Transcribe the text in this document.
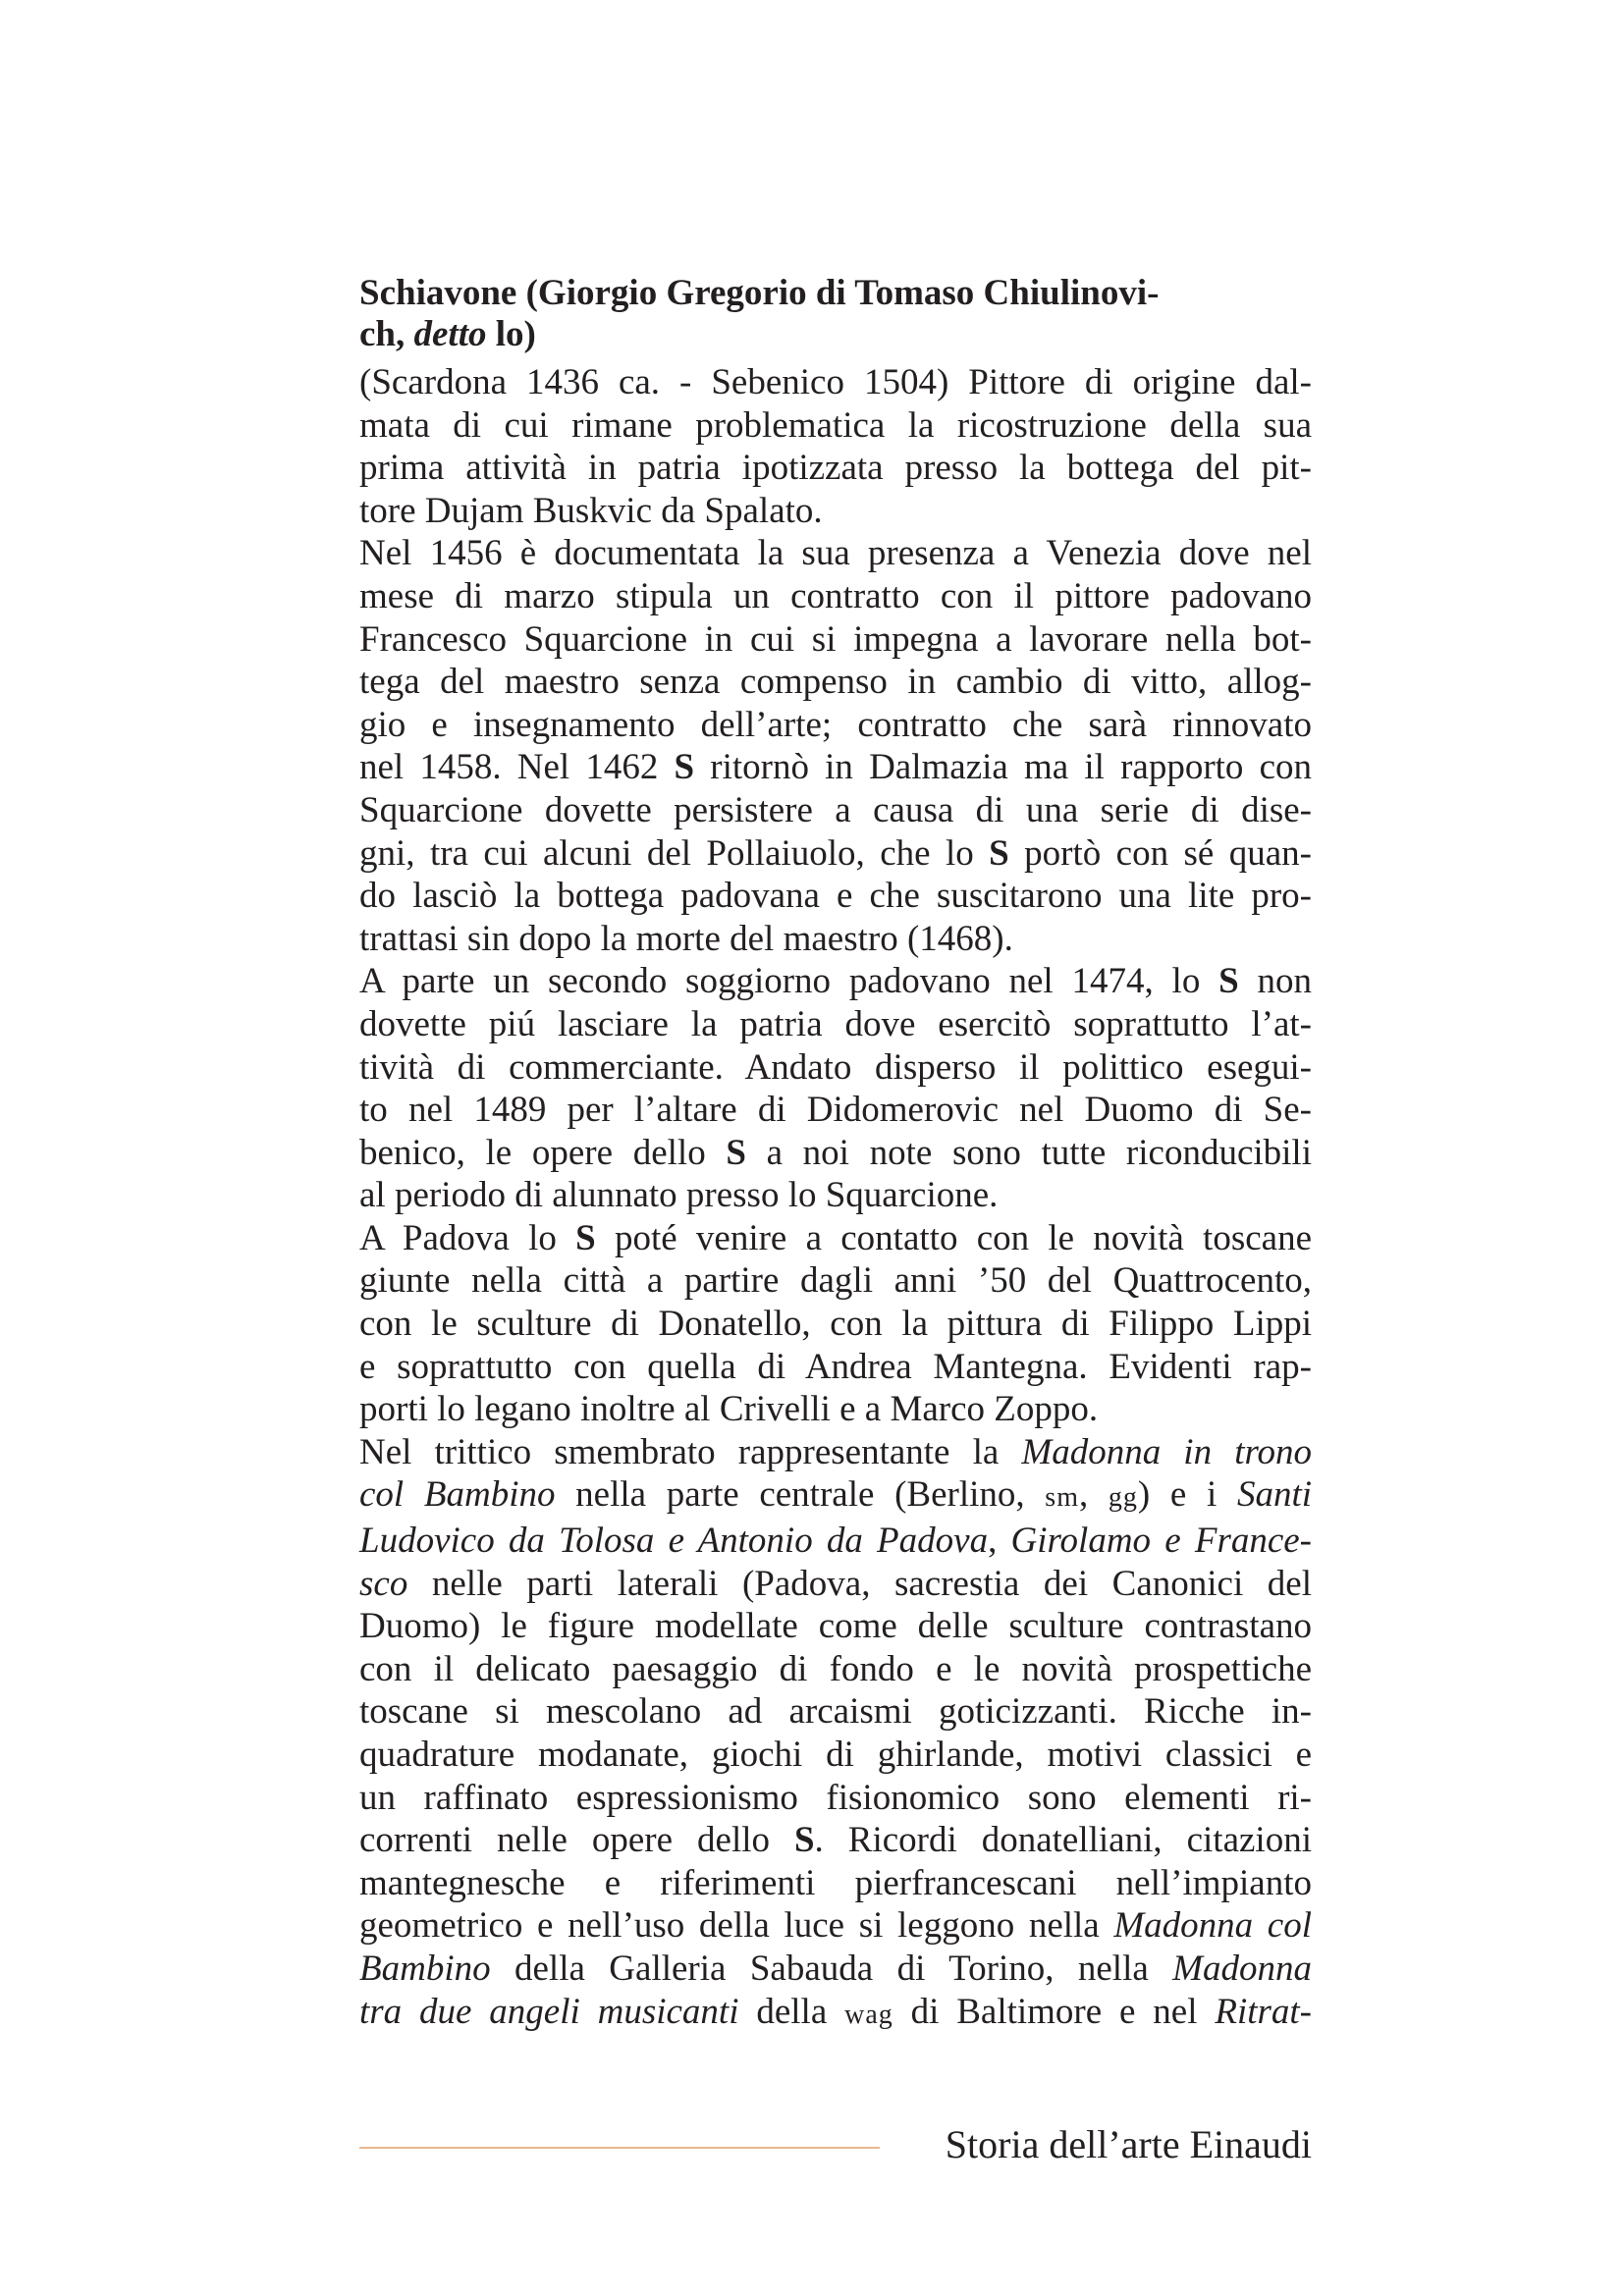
Schiavone (Giorgio Gregorio di Tomaso Chiulinovi-
ch, detto lo)
(Scardona 1436 ca. - Sebenico 1504) Pittore di origine dal-
mata di cui rimane problematica la ricostruzione della sua
prima attività in patria ipotizzata presso la bottega del pit-
tore Dujam Buskvic da Spalato.
Nel 1456 è documentata la sua presenza a Venezia dove nel
mese di marzo stipula un contratto con il pittore padovano
Francesco Squarcione in cui si impegna a lavorare nella bot-
tega del maestro senza compenso in cambio di vitto, allog-
gio e insegnamento dell’arte; contratto che sarà rinnovato
nel 1458. Nel 1462 S ritornò in Dalmazia ma il rapporto con
Squarcione dovette persistere a causa di una serie di dise-
gni, tra cui alcuni del Pollaiuolo, che lo S portò con sé quan-
do lasciò la bottega padovana e che suscitarono una lite pro-
trattasi sin dopo la morte del maestro (1468).
A parte un secondo soggiorno padovano nel 1474, lo S non
dovette piú lasciare la patria dove esercitò soprattutto l’at-
tività di commerciante. Andato disperso il polittico esegui-
to nel 1489 per l’altare di Didomerovic nel Duomo di Se-
benico, le opere dello S a noi note sono tutte riconducibili
al periodo di alunnato presso lo Squarcione.
A Padova lo S poté venire a contatto con le novità toscane
giunte nella città a partire dagli anni ’50 del Quattrocento,
con le sculture di Donatello, con la pittura di Filippo Lippi
e soprattutto con quella di Andrea Mantegna. Evidenti rap-
porti lo legano inoltre al Crivelli e a Marco Zoppo.
Nel trittico smembrato rappresentante la Madonna in trono
col Bambino nella parte centrale (Berlino, sm, gg) e i Santi
Ludovico da Tolosa e Antonio da Padova, Girolamo e France-
sco nelle parti laterali (Padova, sacrestia dei Canonici del
Duomo) le figure modellate come delle sculture contrastano
con il delicato paesaggio di fondo e le novità prospettiche
toscane si mescolano ad arcaismi goticizzanti. Ricche in-
quadrature modanate, giochi di ghirlande, motivi classici e
un raffinato espressionismo fisionomico sono elementi ri-
correnti nelle opere dello S. Ricordi donatelliani, citazioni
mantegnesche e riferimenti pierfrancescani nell’impianto
geometrico e nell’uso della luce si leggono nella Madonna col
Bambino della Galleria Sabauda di Torino, nella Madonna
tra due angeli musicanti della wag di Baltimore e nel Ritrat-
Storia dell’arte Einaudi
